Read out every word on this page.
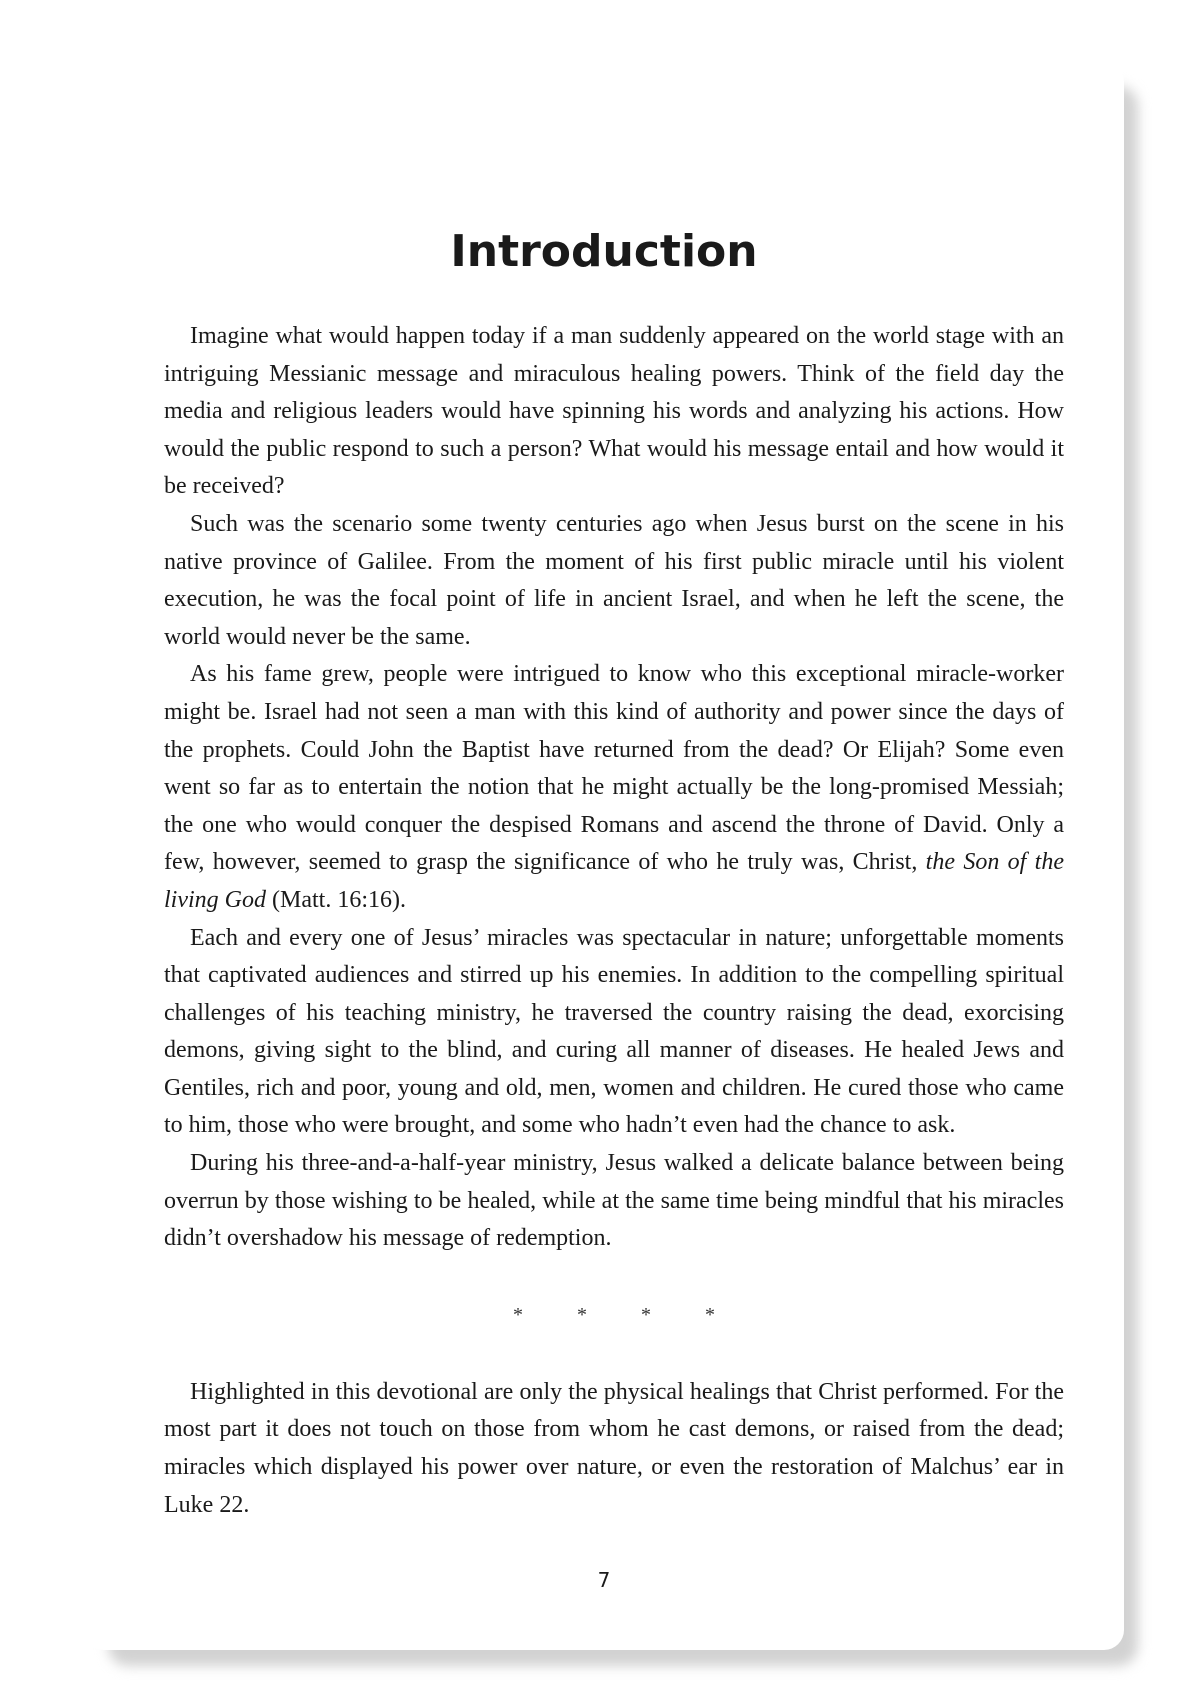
Introduction

Imagine what would happen today if a man suddenly appeared on the world stage with an intriguing Messianic message and miraculous healing powers. Think of the field day the media and religious leaders would have spinning his words and analyzing his actions. How would the public respond to such a person? What would his message entail and how would it be received?

Such was the scenario some twenty centuries ago when Jesus burst on the scene in his native province of Galilee. From the moment of his first public miracle until his violent execution, he was the focal point of life in ancient Israel, and when he left the scene, the world would never be the same.

As his fame grew, people were intrigued to know who this exceptional miracle-worker might be. Israel had not seen a man with this kind of authority and power since the days of the prophets. Could John the Baptist have returned from the dead? Or Elijah? Some even went so far as to entertain the notion that he might actually be the long-promised Messiah; the one who would conquer the despised Romans and ascend the throne of David. Only a few, however, seemed to grasp the significance of who he truly was, Christ, the Son of the living God (Matt. 16:16).

Each and every one of Jesus’ miracles was spectacular in nature; unforgettable moments that captivated audiences and stirred up his enemies. In addition to the compelling spiritual challenges of his teaching ministry, he traversed the country raising the dead, exorcising demons, giving sight to the blind, and curing all manner of diseases. He healed Jews and Gentiles, rich and poor, young and old, men, women and children. He cured those who came to him, those who were brought, and some who hadn’t even had the chance to ask.

During his three-and-a-half-year ministry, Jesus walked a delicate balance between being overrun by those wishing to be healed, while at the same time being mindful that his miracles didn’t overshadow his message of redemption.

*	*	*	*

Highlighted in this devotional are only the physical healings that Christ performed. For the most part it does not touch on those from whom he cast demons, or raised from the dead; miracles which displayed his power over nature, or even the restoration of Malchus’ ear in Luke 22.

7
